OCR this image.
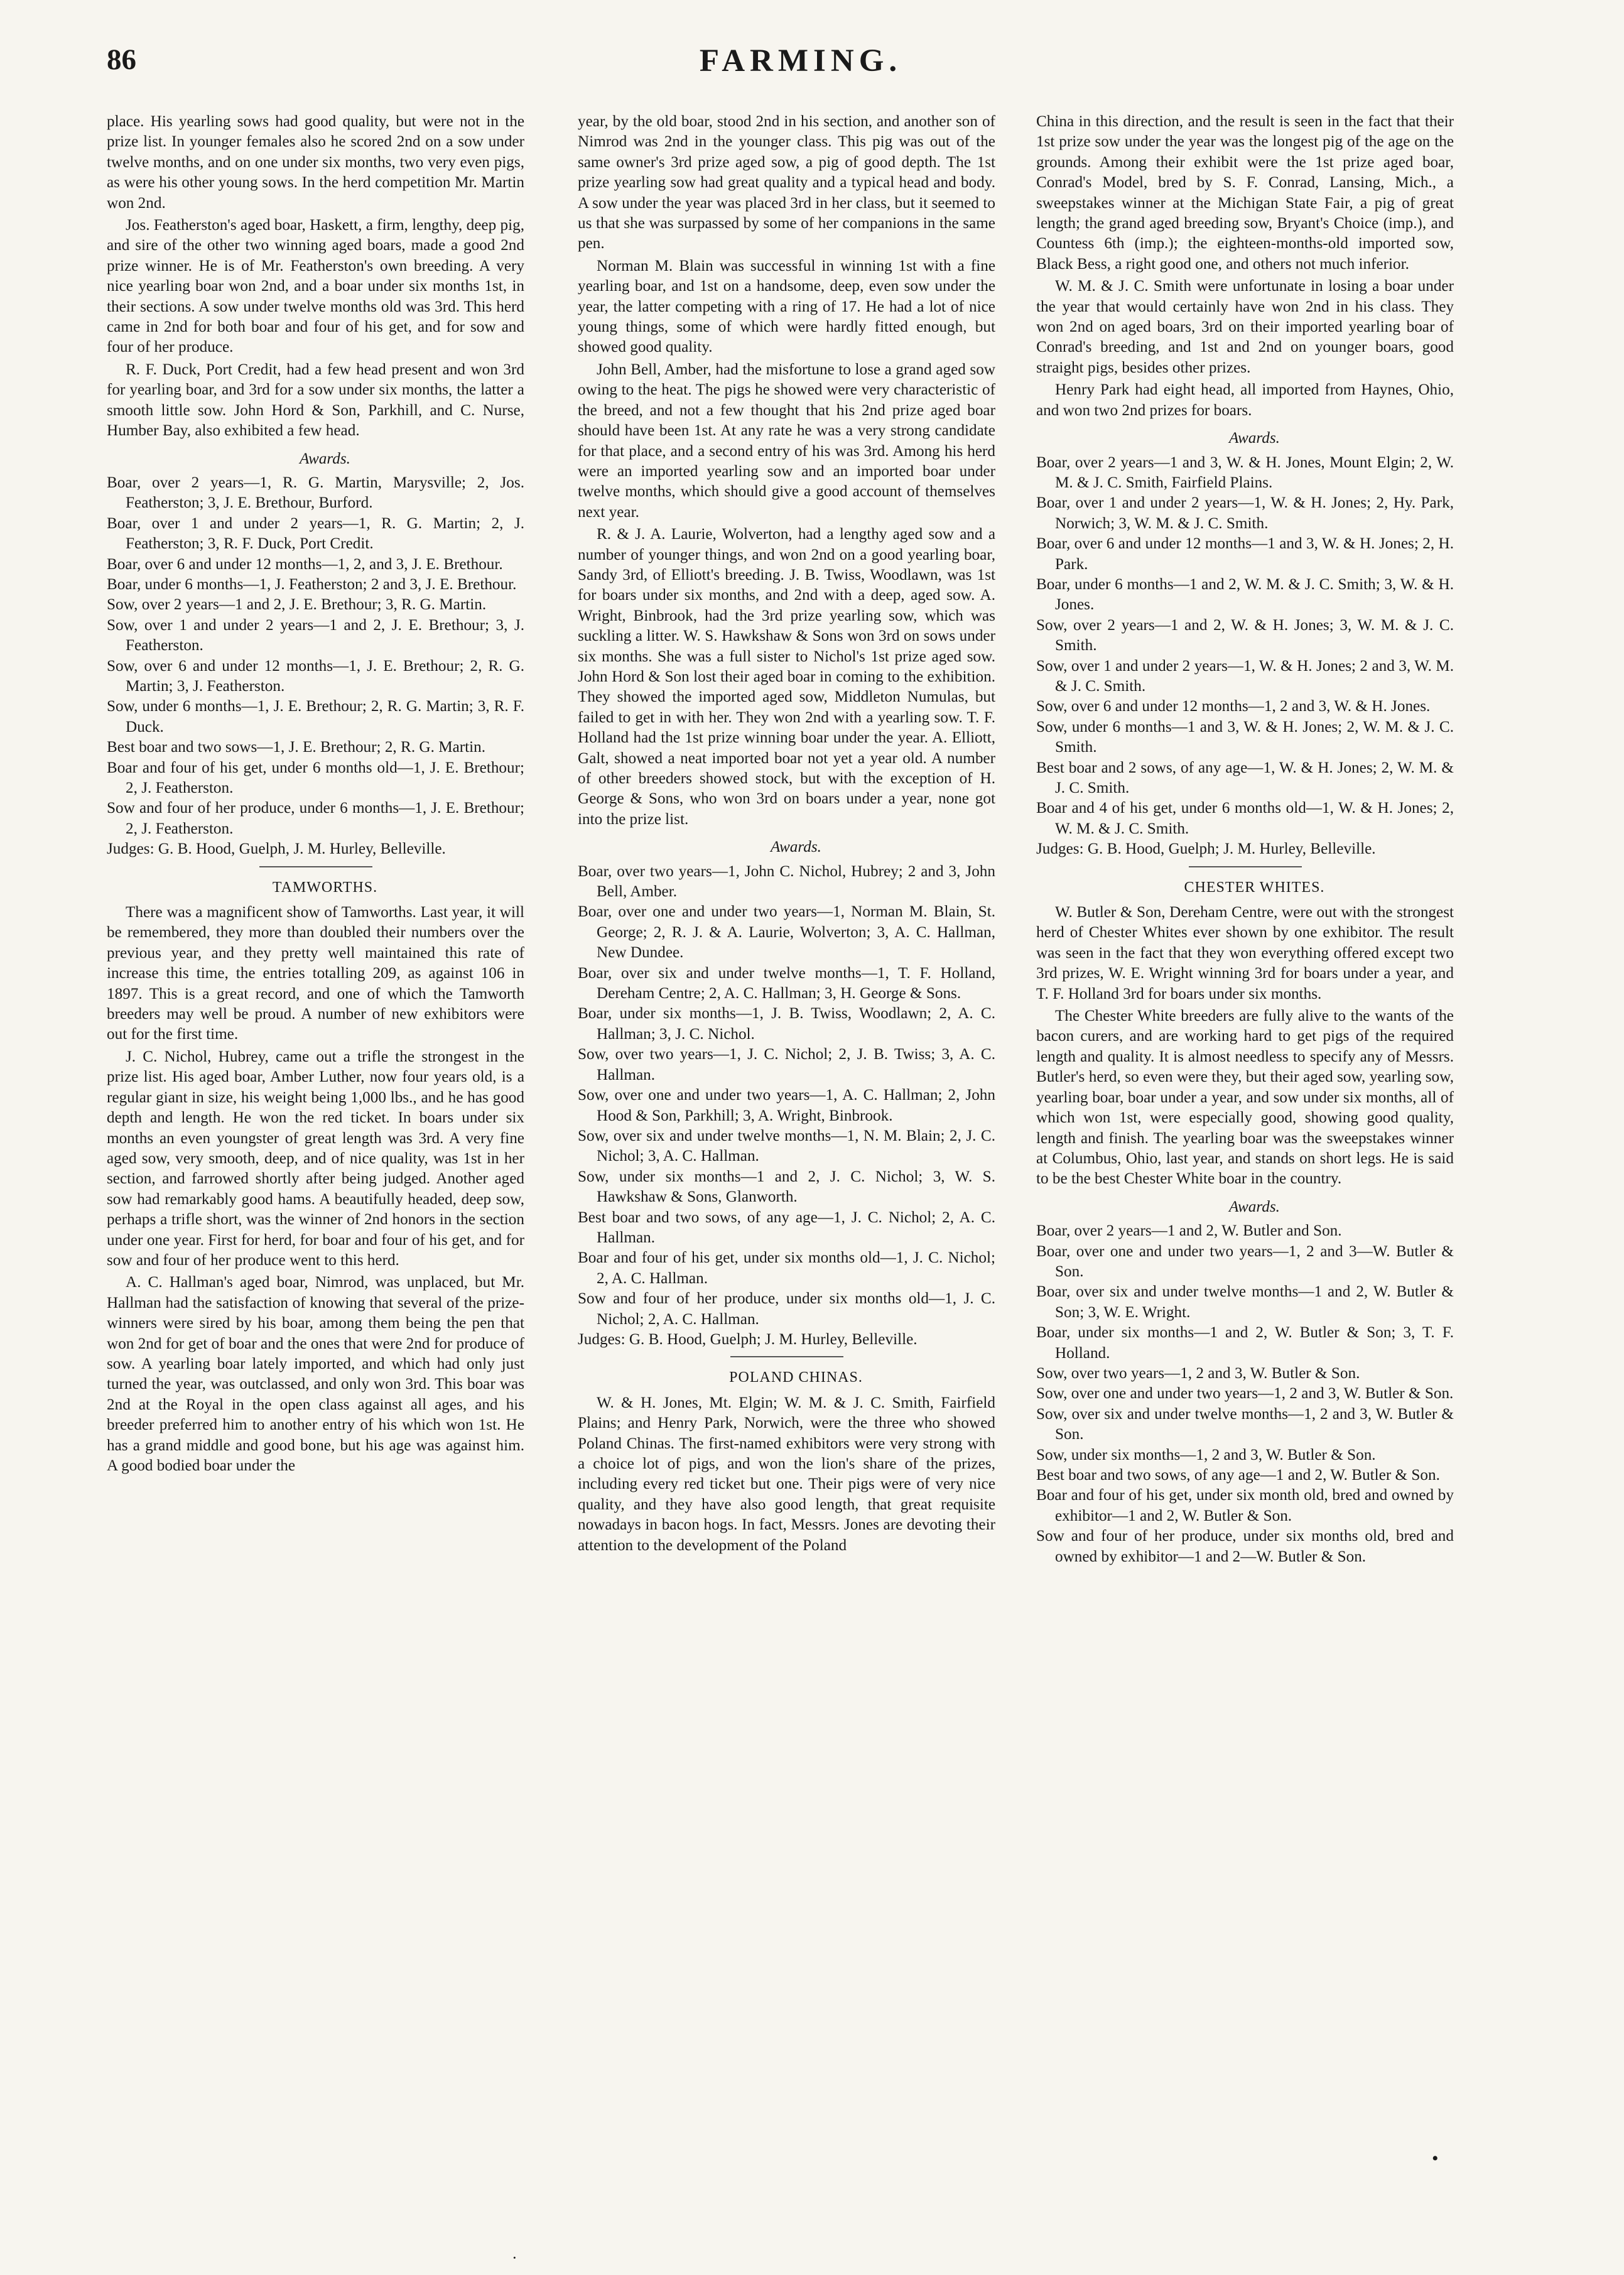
86	FARMING.

place. His yearling sows had good quality, but were not in the prize list. In younger females also he scored 2nd on a sow under twelve months, and on one under six months, two very even pigs, as were his other young sows. In the herd competition Mr. Martin won 2nd.

Jos. Featherston's aged boar, Haskett, a firm, lengthy, deep pig, and sire of the other two winning aged boars, made a good 2nd prize winner. He is of Mr. Featherston's own breeding. A very nice yearling boar won 2nd, and a boar under six months 1st, in their sections. A sow under twelve months old was 3rd. This herd came in 2nd for both boar and four of his get, and for sow and four of her produce.

R. F. Duck, Port Credit, had a few head present and won 3rd for yearling boar, and 3rd for a sow under six months, the latter a smooth little sow. John Hord & Son, Parkhill, and C. Nurse, Humber Bay, also exhibited a few head.

Awards.

Boar, over 2 years—1, R. G. Martin, Marysville; 2, Jos. Featherston; 3, J. E. Brethour, Burford.

Boar, over 1 and under 2 years—1, R. G. Martin; 2, J. Featherston; 3, R. F. Duck, Port Credit.

Boar, over 6 and under 12 months—1, 2, and 3, J. E. Brethour.

Boar, under 6 months—1, J. Featherston; 2 and 3, J. E. Brethour.

Sow, over 2 years—1 and 2, J. E. Brethour; 3, R. G. Martin.

Sow, over 1 and under 2 years—1 and 2, J. E. Brethour; 3, J. Featherston.

Sow, over 6 and under 12 months—1, J. E. Brethour; 2, R. G. Martin; 3, J. Featherston.

Sow, under 6 months—1, J. E. Brethour; 2, R. G. Martin; 3, R. F. Duck.

Best boar and two sows—1, J. E. Brethour; 2, R. G. Martin.

Boar and four of his get, under 6 months old—1, J. E. Brethour; 2, J. Featherston.

Sow and four of her produce, under 6 months—1, J. E. Brethour; 2, J. Featherston.

Judges: G. B. Hood, Guelph, J. M. Hurley, Belleville.

TAMWORTHS.

There was a magnificent show of Tamworths. Last year, it will be remembered, they more than doubled their numbers over the previous year, and they pretty well maintained this rate of increase this time, the entries totalling 209, as against 106 in 1897. This is a great record, and one of which the Tamworth breeders may well be proud. A number of new exhibitors were out for the first time.

J. C. Nichol, Hubrey, came out a trifle the strongest in the prize list. His aged boar, Amber Luther, now four years old, is a regular giant in size, his weight being 1,000 lbs., and he has good depth and length. He won the red ticket. In boars under six months an even youngster of great length was 3rd. A very fine aged sow, very smooth, deep, and of nice quality, was 1st in her section, and farrowed shortly after being judged. Another aged sow had remarkably good hams. A beautifully headed, deep sow, perhaps a trifle short, was the winner of 2nd honors in the section under one year. First for herd, for boar and four of his get, and for sow and four of her produce went to this herd.

A. C. Hallman's aged boar, Nimrod, was unplaced, but Mr. Hallman had the satisfaction of knowing that several of the prize-winners were sired by his boar, among them being the pen that won 2nd for get of boar and the ones that were 2nd for produce of sow. A yearling boar lately imported, and which had only just turned the year, was outclassed, and only won 3rd. This boar was 2nd at the Royal in the open class against all ages, and his breeder preferred him to another entry of his which won 1st. He has a grand middle and good bone, but his age was against him. A good bodied boar under the

year, by the old boar, stood 2nd in his section, and another son of Nimrod was 2nd in the younger class. This pig was out of the same owner's 3rd prize aged sow, a pig of good depth. The 1st prize yearling sow had great quality and a typical head and body. A sow under the year was placed 3rd in her class, but it seemed to us that she was surpassed by some of her companions in the same pen.

Norman M. Blain was successful in winning 1st with a fine yearling boar, and 1st on a handsome, deep, even sow under the year, the latter competing with a ring of 17. He had a lot of nice young things, some of which were hardly fitted enough, but showed good quality.

John Bell, Amber, had the misfortune to lose a grand aged sow owing to the heat. The pigs he showed were very characteristic of the breed, and not a few thought that his 2nd prize aged boar should have been 1st. At any rate he was a very strong candidate for that place, and a second entry of his was 3rd. Among his herd were an imported yearling sow and an imported boar under twelve months, which should give a good account of themselves next year.

R. & J. A. Laurie, Wolverton, had a lengthy aged sow and a number of younger things, and won 2nd on a good yearling boar, Sandy 3rd, of Elliott's breeding. J. B. Twiss, Woodlawn, was 1st for boars under six months, and 2nd with a deep, aged sow. A. Wright, Binbrook, had the 3rd prize yearling sow, which was suckling a litter. W. S. Hawkshaw & Sons won 3rd on sows under six months. She was a full sister to Nichol's 1st prize aged sow. John Hord & Son lost their aged boar in coming to the exhibition. They showed the imported aged sow, Middleton Numulas, but failed to get in with her. They won 2nd with a yearling sow. T. F. Holland had the 1st prize winning boar under the year. A. Elliott, Galt, showed a neat imported boar not yet a year old. A number of other breeders showed stock, but with the exception of H. George & Sons, who won 3rd on boars under a year, none got into the prize list.

Awards.

Boar, over two years—1, John C. Nichol, Hubrey; 2 and 3, John Bell, Amber.

Boar, over one and under two years—1, Norman M. Blain, St. George; 2, R. J. & A. Laurie, Wolverton; 3, A. C. Hallman, New Dundee.

Boar, over six and under twelve months—1, T. F. Holland, Dereham Centre; 2, A. C. Hallman; 3, H. George & Sons.

Boar, under six months—1, J. B. Twiss, Woodlawn; 2, A. C. Hallman; 3, J. C. Nichol.

Sow, over two years—1, J. C. Nichol; 2, J. B. Twiss; 3, A. C. Hallman.

Sow, over one and under two years—1, A. C. Hallman; 2, John Hood & Son, Parkhill; 3, A. Wright, Binbrook.

Sow, over six and under twelve months—1, N. M. Blain; 2, J. C. Nichol; 3, A. C. Hallman.

Sow, under six months—1 and 2, J. C. Nichol; 3, W. S. Hawkshaw & Sons, Glanworth.

Best boar and two sows, of any age—1, J. C. Nichol; 2, A. C. Hallman.

Boar and four of his get, under six months old—1, J. C. Nichol; 2, A. C. Hallman.

Sow and four of her produce, under six months old—1, J. C. Nichol; 2, A. C. Hallman.

Judges: G. B. Hood, Guelph; J. M. Hurley, Belleville.

POLAND CHINAS.

W. & H. Jones, Mt. Elgin; W. M. & J. C. Smith, Fairfield Plains; and Henry Park, Norwich, were the three who showed Poland Chinas. The first-named exhibitors were very strong with a choice lot of pigs, and won the lion's share of the prizes, including every red ticket but one. Their pigs were of very nice quality, and they have also good length, that great requisite nowadays in bacon hogs. In fact, Messrs. Jones are devoting their attention to the development of the Poland

China in this direction, and the result is seen in the fact that their 1st prize sow under the year was the longest pig of the age on the grounds. Among their exhibit were the 1st prize aged boar, Conrad's Model, bred by S. F. Conrad, Lansing, Mich., a sweepstakes winner at the Michigan State Fair, a pig of great length; the grand aged breeding sow, Bryant's Choice (imp.), and Countess 6th (imp.); the eighteen-months-old imported sow, Black Bess, a right good one, and others not much inferior.

W. M. & J. C. Smith were unfortunate in losing a boar under the year that would certainly have won 2nd in his class. They won 2nd on aged boars, 3rd on their imported yearling boar of Conrad's breeding, and 1st and 2nd on younger boars, good straight pigs, besides other prizes.

Henry Park had eight head, all imported from Haynes, Ohio, and won two 2nd prizes for boars.

Awards.

Boar, over 2 years—1 and 3, W. & H. Jones, Mount Elgin; 2, W. M. & J. C. Smith, Fairfield Plains.

Boar, over 1 and under 2 years—1, W. & H. Jones; 2, Hy. Park, Norwich; 3, W. M. & J. C. Smith.

Boar, over 6 and under 12 months—1 and 3, W. & H. Jones; 2, H. Park.

Boar, under 6 months—1 and 2, W. M. & J. C. Smith; 3, W. & H. Jones.

Sow, over 2 years—1 and 2, W. & H. Jones; 3, W. M. & J. C. Smith.

Sow, over 1 and under 2 years—1, W. & H. Jones; 2 and 3, W. M. & J. C. Smith.

Sow, over 6 and under 12 months—1, 2 and 3, W. & H. Jones.

Sow, under 6 months—1 and 3, W. & H. Jones; 2, W. M. & J. C. Smith.

Best boar and 2 sows, of any age—1, W. & H. Jones; 2, W. M. & J. C. Smith.

Boar and 4 of his get, under 6 months old—1, W. & H. Jones; 2, W. M. & J. C. Smith.

Judges: G. B. Hood, Guelph; J. M. Hurley, Belleville.

CHESTER WHITES.

W. Butler & Son, Dereham Centre, were out with the strongest herd of Chester Whites ever shown by one exhibitor. The result was seen in the fact that they won everything offered except two 3rd prizes, W. E. Wright winning 3rd for boars under a year, and T. F. Holland 3rd for boars under six months.

The Chester White breeders are fully alive to the wants of the bacon curers, and are working hard to get pigs of the required length and quality. It is almost needless to specify any of Messrs. Butler's herd, so even were they, but their aged sow, yearling sow, yearling boar, boar under a year, and sow under six months, all of which won 1st, were especially good, showing good quality, length and finish. The yearling boar was the sweepstakes winner at Columbus, Ohio, last year, and stands on short legs. He is said to be the best Chester White boar in the country.

Awards.

Boar, over 2 years—1 and 2, W. Butler and Son.

Boar, over one and under two years—1, 2 and 3—W. Butler & Son.

Boar, over six and under twelve months—1 and 2, W. Butler & Son; 3, W. E. Wright.

Boar, under six months—1 and 2, W. Butler & Son; 3, T. F. Holland.

Sow, over two years—1, 2 and 3, W. Butler & Son.

Sow, over one and under two years—1, 2 and 3, W. Butler & Son.

Sow, over six and under twelve months—1, 2 and 3, W. Butler & Son.

Sow, under six months—1, 2 and 3, W. Butler & Son.

Best boar and two sows, of any age—1 and 2, W. Butler & Son.

Boar and four of his get, under six month old, bred and owned by exhibitor—1 and 2, W. Butler & Son.

Sow and four of her produce, under six months old, bred and owned by exhibitor—1 and 2—W. Butler & Son.

•
·
